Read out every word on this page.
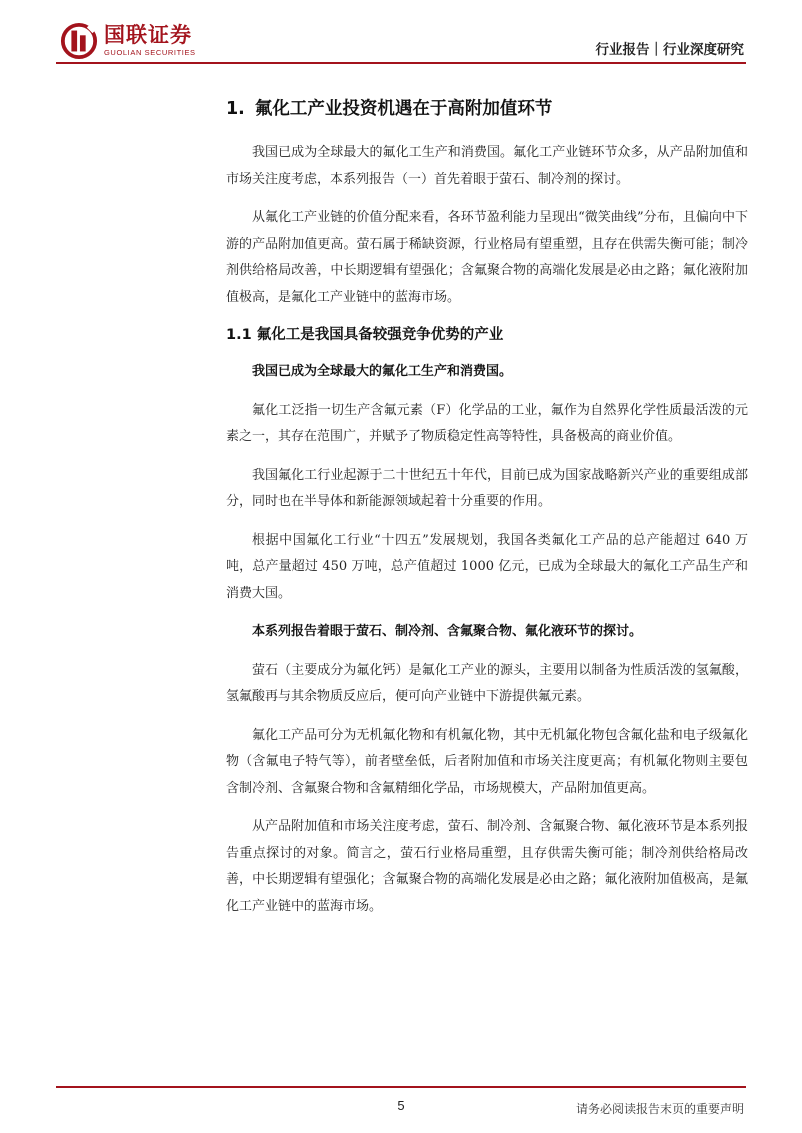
国联证券
GUOLIAN SECURITIES	行业报告｜行业深度研究
1. 氟化工产业投资机遇在于高附加值环节

我国已成为全球最大的氟化工生产和消费国。氟化工产业链环节众多，从产品附加值和市场关注度考虑，本系列报告（一）首先着眼于萤石、制冷剂的探讨。

从氟化工产业链的价值分配来看，各环节盈利能力呈现出“微笑曲线”分布，且偏向中下游的产品附加值更高。萤石属于稀缺资源，行业格局有望重塑，且存在供需失衡可能；制冷剂供给格局改善，中长期逻辑有望强化；含氟聚合物的高端化发展是必由之路；氟化液附加值极高，是氟化工产业链中的蓝海市场。

1.1 氟化工是我国具备较强竞争优势的产业

我国已成为全球最大的氟化工生产和消费国。

氟化工泛指一切生产含氟元素（F）化学品的工业，氟作为自然界化学性质最活泼的元素之一，其存在范围广，并赋予了物质稳定性高等特性，具备极高的商业价值。

我国氟化工行业起源于二十世纪五十年代，目前已成为国家战略新兴产业的重要组成部分，同时也在半导体和新能源领域起着十分重要的作用。

根据中国氟化工行业“十四五”发展规划，我国各类氟化工产品的总产能超过 640 万吨，总产量超过 450 万吨，总产值超过 1000 亿元，已成为全球最大的氟化工产品生产和消费大国。

本系列报告着眼于萤石、制冷剂、含氟聚合物、氟化液环节的探讨。

萤石（主要成分为氟化钙）是氟化工产业的源头，主要用以制备为性质活泼的氢氟酸，氢氟酸再与其余物质反应后，便可向产业链中下游提供氟元素。

氟化工产品可分为无机氟化物和有机氟化物，其中无机氟化物包含氟化盐和电子级氟化物（含氟电子特气等），前者壁垒低，后者附加值和市场关注度更高；有机氟化物则主要包含制冷剂、含氟聚合物和含氟精细化学品，市场规模大，产品附加值更高。

从产品附加值和市场关注度考虑，萤石、制冷剂、含氟聚合物、氟化液环节是本系列报告重点探讨的对象。简言之，萤石行业格局重塑，且存供需失衡可能；制冷剂供给格局改善，中长期逻辑有望强化；含氟聚合物的高端化发展是必由之路；氟化液附加值极高，是氟化工产业链中的蓝海市场。

5	请务必阅读报告末页的重要声明
